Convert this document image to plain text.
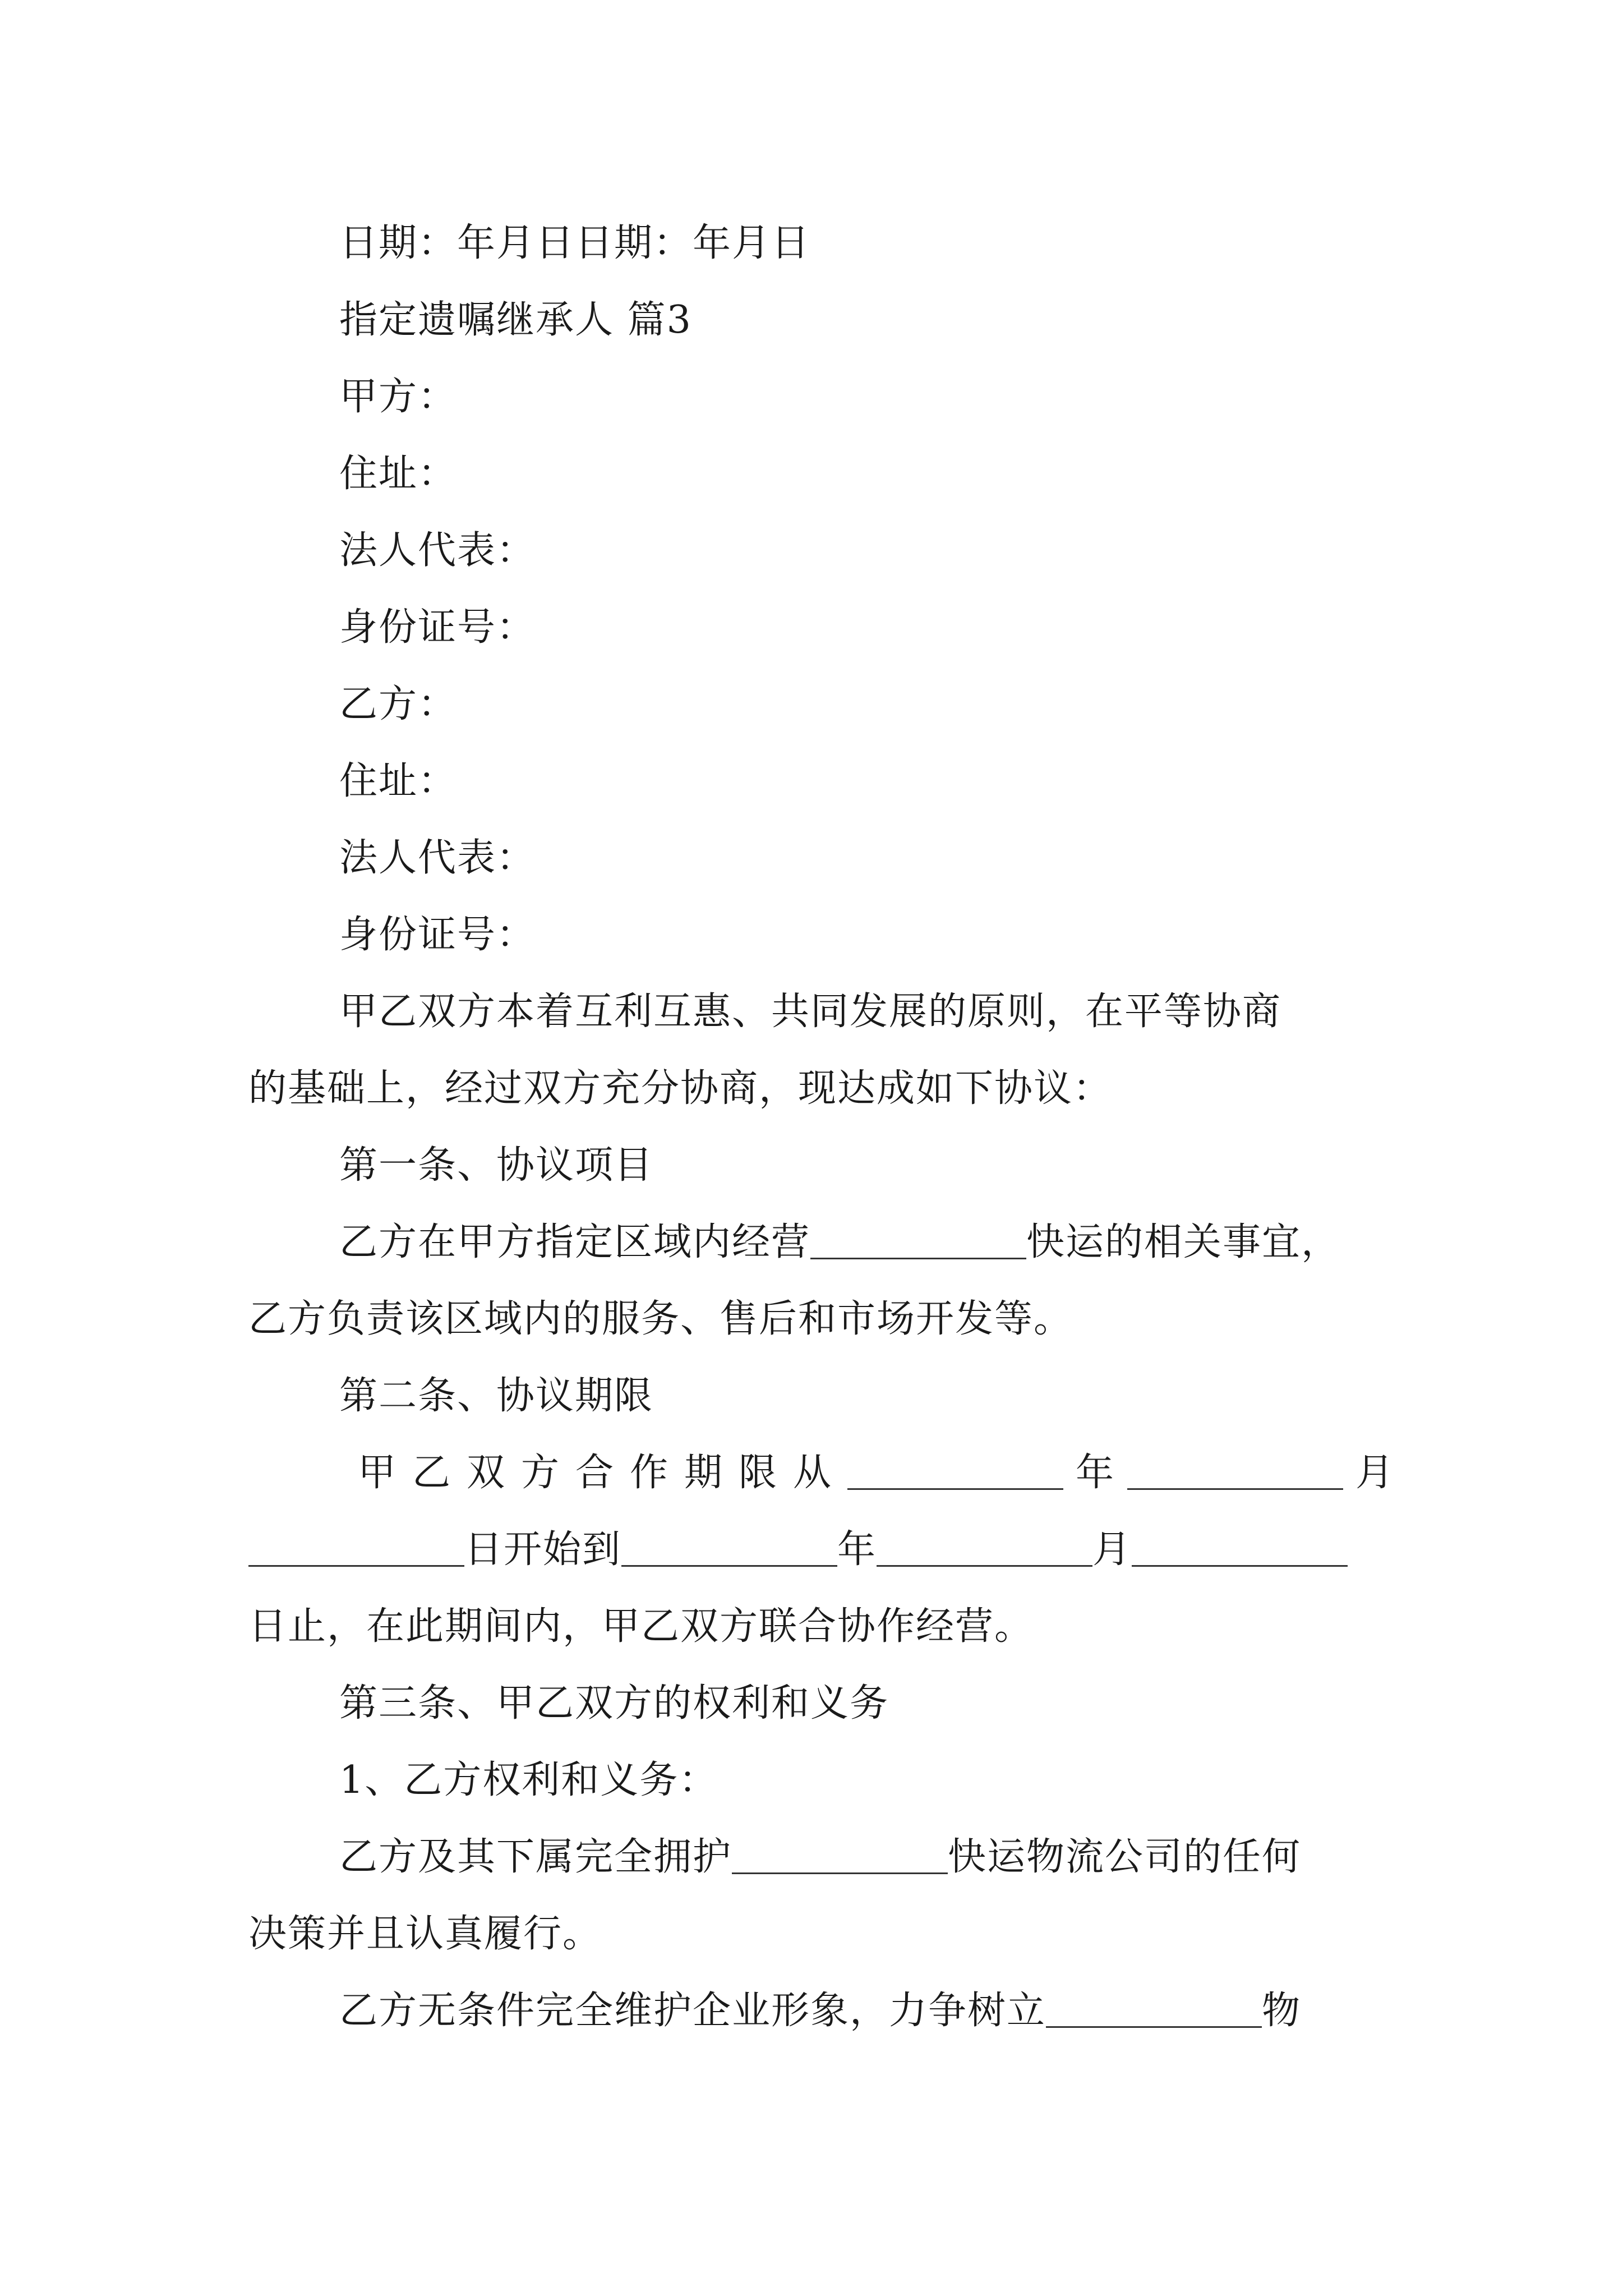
日期：年月日日期：年月日
指定遗嘱继承人 篇3
甲方：
住址：
法人代表：
身份证号：
乙方：
住址：
法人代表：
身份证号：
甲乙双方本着互利互惠、共同发展的原则，在平等协商
的基础上，经过双方充分协商，现达成如下协议：
第一条、协议项目
乙方在甲方指定区域内经营	快运的相关事宜，
乙方负责该区域内的服务、售后和市场开发等。
第二条、协议期限
甲乙双方合作期限从	年	月
日开始到	年	月
日止，在此期间内，甲乙双方联合协作经营。
第三条、甲乙双方的权利和义务
1、乙方权利和义务：
乙方及其下属完全拥护	快运物流公司的任何
决策并且认真履行。
乙方无条件完全维护企业形象，力争树立	物
